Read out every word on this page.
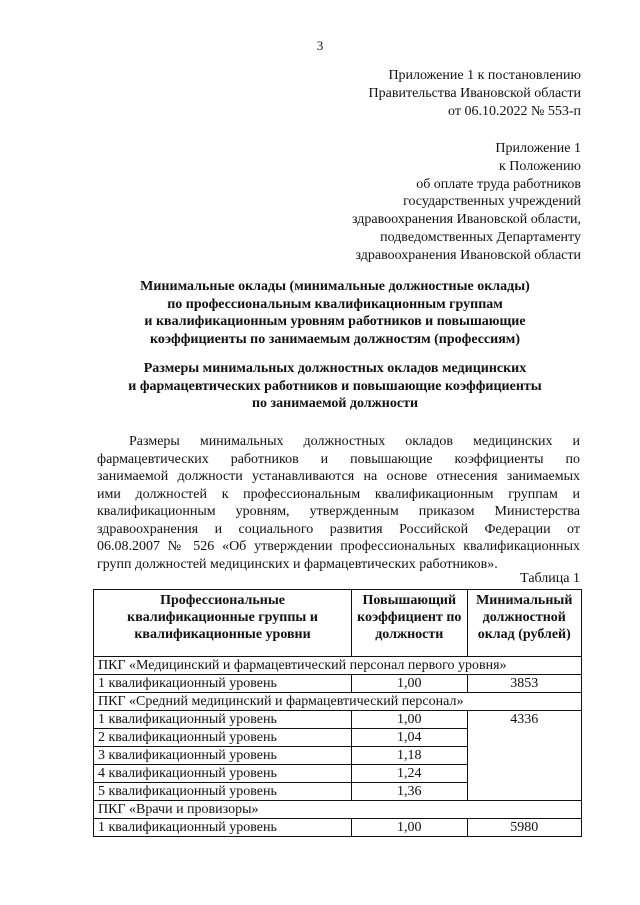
3
Приложение 1 к постановлению
Правительства Ивановской области
от 06.10.2022 № 553-п
Приложение 1
к Положению
об оплате труда работников
государственных учреждений
здравоохранения Ивановской области,
подведомственных Департаменту
здравоохранения Ивановской области
Минимальные оклады (минимальные должностные оклады)
по профессиональным квалификационным группам
и квалификационным уровням работников и повышающие
коэффициенты по занимаемым должностям (профессиям)
Размеры минимальных должностных окладов медицинских
и фармацевтических работников и повышающие коэффициенты
по занимаемой должности
Размеры минимальных должностных окладов медицинских и
фармацевтических работников и повышающие коэффициенты по
занимаемой должности устанавливаются на основе отнесения занимаемых
ими должностей к профессиональным квалификационным группам и
квалификационным уровням, утвержденным приказом Министерства
здравоохранения и социального развития Российской Федерации от
06.08.2007 № 526 «Об утверждении профессиональных квалификационных
групп должностей медицинских и фармацевтических работников».
Таблица 1
Профессиональные квалификационные группы и квалификационные уровни	Повышающий коэффициент по должности	Минимальный должностной оклад (рублей)
ПКГ «Медицинский и фармацевтический персонал первого уровня»		
1 квалификационный уровень	1,00	3853
ПКГ «Средний медицинский и фармацевтический персонал»		
1 квалификационный уровень	1,00	4336
2 квалификационный уровень	1,04	
3 квалификационный уровень	1,18	
4 квалификационный уровень	1,24	
5 квалификационный уровень	1,36	
ПКГ «Врачи и провизоры»		
1 квалификационный уровень	1,00	5980
